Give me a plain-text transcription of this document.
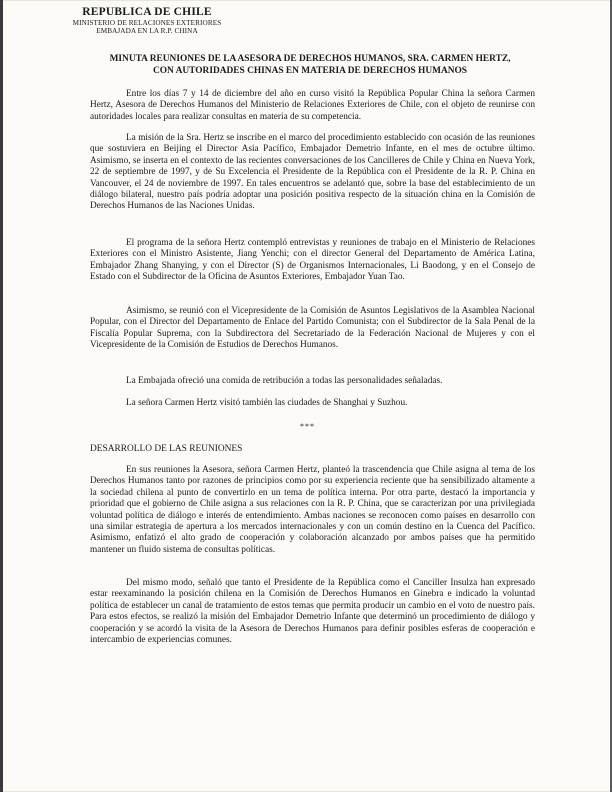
REPUBLICA DE CHILE
MINISTERIO DE RELACIONES EXTERIORES
EMBAJADA EN LA R.P. CHINA
MINUTA REUNIONES DE LA ASESORA DE DERECHOS HUMANOS, SRA. CARMEN HERTZ,
CON AUTORIDADES CHINAS EN MATERIA DE DERECHOS HUMANOS
Entre los días 7 y 14 de diciembre del año en curso visitó la República Popular China la señora Carmen Hertz, Asesora de Derechos Humanos del Ministerio de Relaciones Exteriores de Chile, con el objeto de reunirse con autoridades locales para realizar consultas en materia de su competencia.
La misión de la Sra. Hertz se inscribe en el marco del procedimiento establecido con ocasión de las reuniones que sostuviera en Beijing el Director Asia Pacífico, Embajador Demetrio Infante, en el mes de octubre último. Asimismo, se inserta en el contexto de las recientes conversaciones de los Cancilleres de Chile y China en Nueva York, 22 de septiembre de 1997, y de Su Excelencia el Presidente de la República con el Presidente de la R. P. China en Vancouver, el 24 de noviembre de 1997. En tales encuentros se adelantó que, sobre la base del establecimiento de un diálogo bilateral, nuestro país podría adoptar una posición positiva respecto de la situación china en la Comisión de Derechos Humanos de las Naciones Unidas.
El programa de la señora Hertz contempló entrevistas y reuniones de trabajo en el Ministerio de Relaciones Exteriores con el Ministro Asistente, Jiang Yenchi; con el director General del Departamento de América Latina, Embajador Zhang Shanying, y con el Director (S) de Organismos Internacionales, Li Baodong, y en el Consejo de Estado con el Subdirector de la Oficina de Asuntos Exteriores, Embajador Yuan Tao.
Asimismo, se reunió con el Vicepresidente de la Comisión de Asuntos Legislativos de la Asamblea Nacional Popular, con el Director del Departamento de Enlace del Partido Comunista; con el Subdirector de la Sala Penal de la Fiscalía Popular Suprema, con la Subdirectora del Secretariado de la Federación Nacional de Mujeres y con el Vicepresidente de la Comisión de Estudios de Derechos Humanos.
La Embajada ofreció una comida de retribución a todas las personalidades señaladas.
La señora Carmen Hertz visitó también las ciudades de Shanghai y Suzhou.
***
DESARROLLO DE LAS REUNIONES
En sus reuniones la Asesora, señora Carmen Hertz, planteó la trascendencia que Chile asigna al tema de los Derechos Humanos tanto por razones de principios como por su experiencia reciente que ha sensibilizado altamente a la sociedad chilena al punto de convertirlo en un tema de política interna. Por otra parte, destacó la importancia y prioridad que el gobierno de Chile asigna a sus relaciones con la R. P. China, que se caracterizan por una privilegiada voluntad política de diálogo e interés de entendimiento. Ambas naciones se reconocen como países en desarrollo con una similar estrategia de apertura a los mercados internacionales y con un común destino en la Cuenca del Pacífico. Asimismo, enfatizó el alto grado de cooperación y colaboración alcanzado por ambos países que ha permitido mantener un fluido sistema de consultas políticas.
Del mismo modo, señaló que tanto el Presidente de la República como el Canciller Insulza han expresado estar reexaminando la posición chilena en la Comisión de Derechos Humanos en Ginebra e indicado la voluntad política de establecer un canal de tratamiento de estos temas que permita producir un cambio en el voto de nuestro país. Para estos efectos, se realizó la misión del Embajador Demetrio Infante que determinó un procedimiento de diálogo y cooperación y se acordó la visita de la Asesora de Derechos Humanos para definir posibles esferas de cooperación e intercambio de experiencias comunes.
